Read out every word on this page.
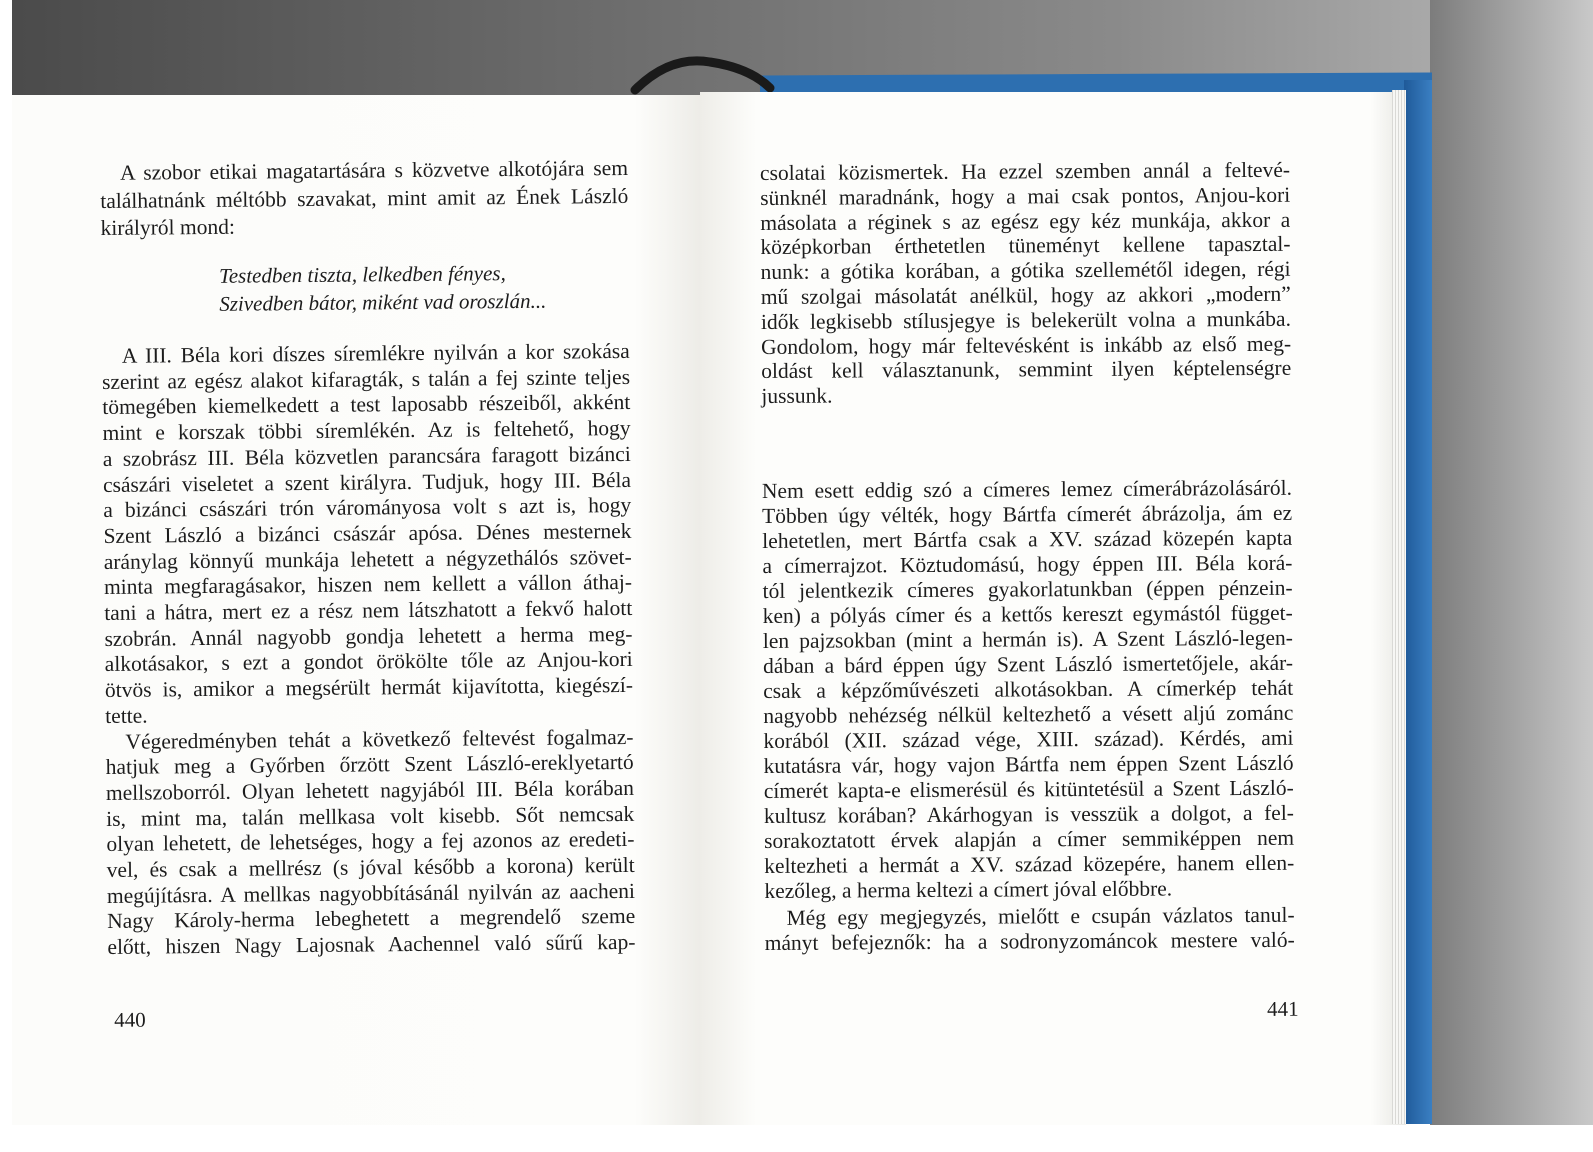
Testedben tiszta, lelkedben fényes,
Szivedben bátor, miként vad oroszlán...
440
A szobor etikai magatartására s közvetve alkotójára sem
találhatnánk méltóbb szavakat, mint amit az Ének László
királyról mond:
A III. Béla kori díszes síremlékre nyilván a kor szokása
szerint az egész alakot kifaragták, s talán a fej szinte teljes
tömegében kiemelkedett a test laposabb részeiből, akként
mint e korszak többi síremlékén. Az is feltehető, hogy
a szobrász III. Béla közvetlen parancsára faragott bizánci
császári viseletet a szent királyra. Tudjuk, hogy III. Béla
a bizánci császári trón várományosa volt s azt is, hogy
Szent László a bizánci császár apósa. Dénes mesternek
aránylag könnyű munkája lehetett a négyzethálós szövet-
minta megfaragásakor, hiszen nem kellett a vállon áthaj-
tani a hátra, mert ez a rész nem látszhatott a fekvő halott
szobrán. Annál nagyobb gondja lehetett a herma meg-
alkotásakor, s ezt a gondot örökölte tőle az Anjou-kori
ötvös is, amikor a megsérült hermát kijavította, kiegészí-
tette.
Végeredményben tehát a következő feltevést fogalmaz-
hatjuk meg a Győrben őrzött Szent László-ereklyetartó
mellszoborról. Olyan lehetett nagyjából III. Béla korában
is, mint ma, talán mellkasa volt kisebb. Sőt nemcsak
olyan lehetett, de lehetséges, hogy a fej azonos az eredeti-
vel, és csak a mellrész (s jóval később a korona) került
megújításra. A mellkas nagyobbításánál nyilván az aacheni
Nagy Károly-herma lebeghetett a megrendelő szeme
előtt, hiszen Nagy Lajosnak Aachennel való sűrű kap-
441
csolatai közismertek. Ha ezzel szemben annál a feltevé-
sünknél maradnánk, hogy a mai csak pontos, Anjou-kori
másolata a réginek s az egész egy kéz munkája, akkor a
középkorban érthetetlen tüneményt kellene tapasztal-
nunk: a gótika korában, a gótika szellemétől idegen, régi
mű szolgai másolatát anélkül, hogy az akkori „modern”
idők legkisebb stílusjegye is belekerült volna a munkába.
Gondolom, hogy már feltevésként is inkább az első meg-
oldást kell választanunk, semmint ilyen képtelenségre
jussunk.
Nem esett eddig szó a címeres lemez címerábrázolásáról.
Többen úgy vélték, hogy Bártfa címerét ábrázolja, ám ez
lehetetlen, mert Bártfa csak a XV. század közepén kapta
a címerrajzot. Köztudomású, hogy éppen III. Béla korá-
tól jelentkezik címeres gyakorlatunkban (éppen pénzein-
ken) a pólyás címer és a kettős kereszt egymástól függet-
len pajzsokban (mint a hermán is). A Szent László-legen-
dában a bárd éppen úgy Szent László ismertetőjele, akár-
csak a képzőművészeti alkotásokban. A címerkép tehát
nagyobb nehézség nélkül keltezhető a vésett aljú zománc
korából (XII. század vége, XIII. század). Kérdés, ami
kutatásra vár, hogy vajon Bártfa nem éppen Szent László
címerét kapta-e elismerésül és kitüntetésül a Szent László-
kultusz korában? Akárhogyan is vesszük a dolgot, a fel-
sorakoztatott érvek alapján a címer semmiképpen nem
keltezheti a hermát a XV. század közepére, hanem ellen-
kezőleg, a herma keltezi a címert jóval előbbre.
Még egy megjegyzés, mielőtt e csupán vázlatos tanul-
mányt befejeznők: ha a sodronyzománcok mestere való-
